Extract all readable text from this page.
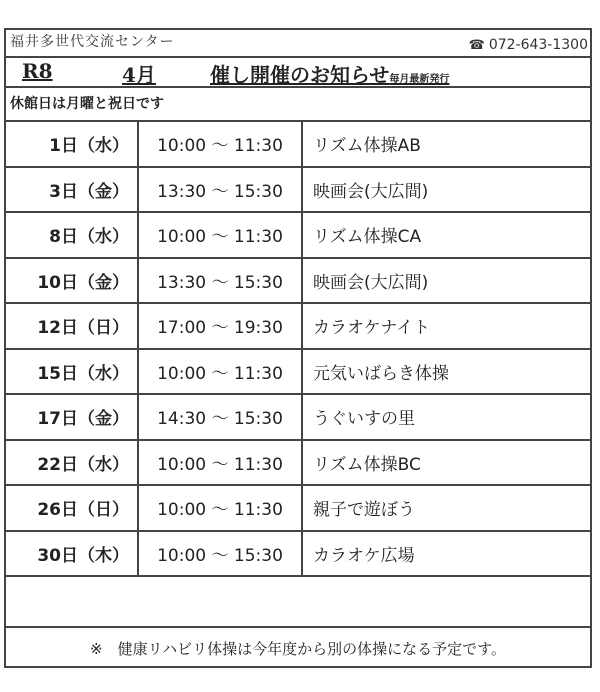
福井多世代交流センター	☎ 072-643-1300
R8	4月	催し開催のお知らせ毎月最新発行
休館日は月曜と祝日です
1日（水）	10:00 ～ 11:30	リズム体操AB
3日（金）	13:30 ～ 15:30	映画会(大広間)
8日（水）	10:00 ～ 11:30	リズム体操CA
10日（金）	13:30 ～ 15:30	映画会(大広間)
12日（日）	17:00 ～ 19:30	カラオケナイト
15日（水）	10:00 ～ 11:30	元気いばらき体操
17日（金）	14:30 ～ 15:30	うぐいすの里
22日（水）	10:00 ～ 11:30	リズム体操BC
26日（日）	10:00 ～ 11:30	親子で遊ぼう
30日（木）	10:00 ～ 15:30	カラオケ広場
※　健康リハビリ体操は今年度から別の体操になる予定です。
